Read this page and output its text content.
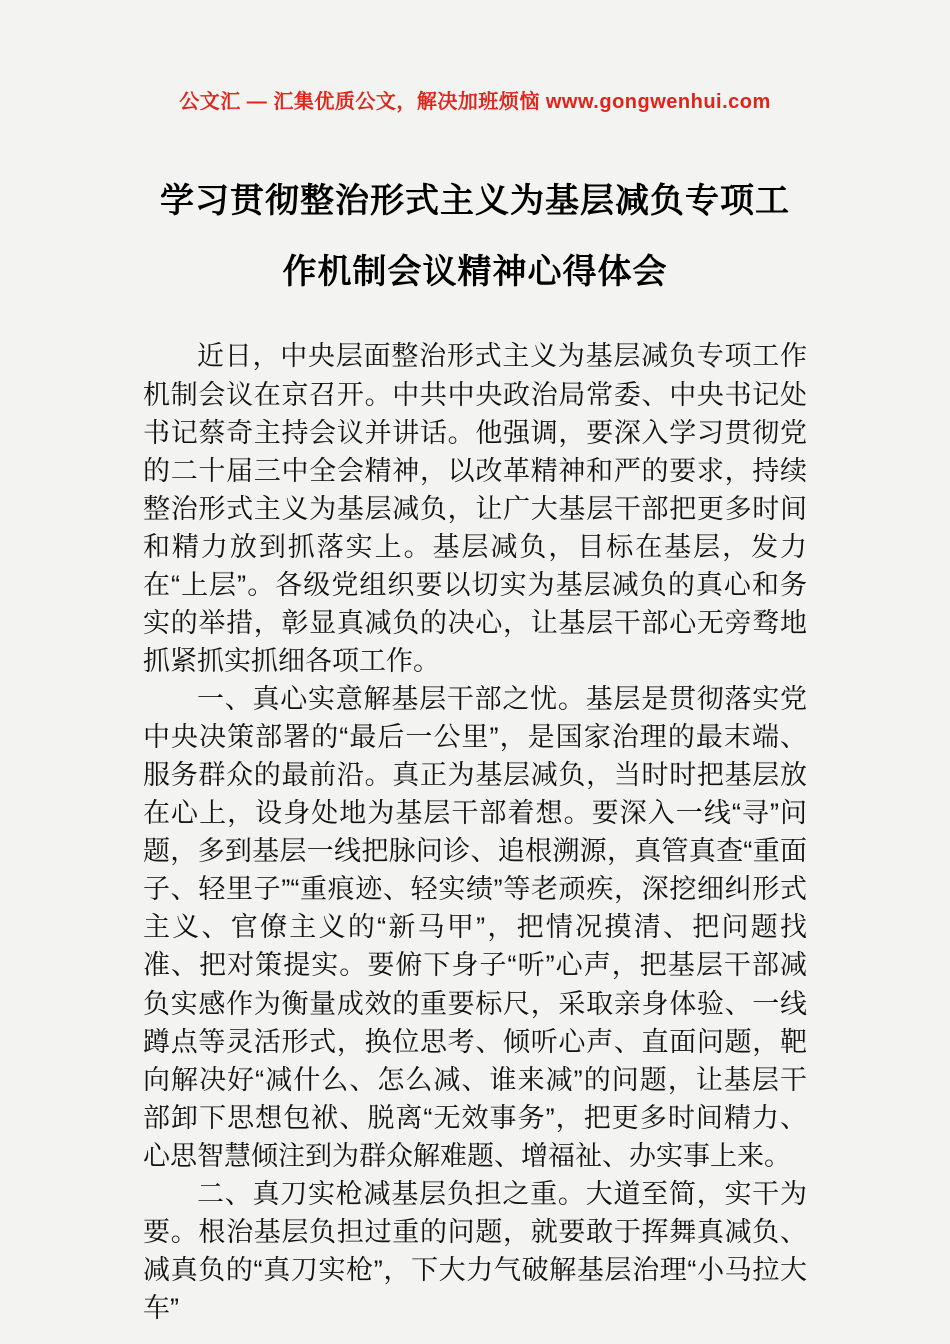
公文汇 — 汇集优质公文，解决加班烦恼 www.gongwenhui.com
学习贯彻整治形式主义为基层减负专项工作机制会议精神心得体会

近日，中央层面整治形式主义为基层减负专项工作机制会议在京召开。中共中央政治局常委、中央书记处书记蔡奇主持会议并讲话。他强调，要深入学习贯彻党的二十届三中全会精神，以改革精神和严的要求，持续整治形式主义为基层减负，让广大基层干部把更多时间和精力放到抓落实上。基层减负，目标在基层，发力在“上层”。各级党组织要以切实为基层减负的真心和务实的举措，彰显真减负的决心，让基层干部心无旁骛地抓紧抓实抓细各项工作。

一、真心实意解基层干部之忧。基层是贯彻落实党中央决策部署的“最后一公里”，是国家治理的最末端、服务群众的最前沿。真正为基层减负，当时时把基层放在心上，设身处地为基层干部着想。要深入一线“寻”问题，多到基层一线把脉问诊、追根溯源，真管真查“重面子、轻里子”“重痕迹、轻实绩”等老顽疾，深挖细纠形式主义、官僚主义的“新马甲”，把情况摸清、把问题找准、把对策提实。要俯下身子“听”心声，把基层干部减负实感作为衡量成效的重要标尺，采取亲身体验、一线蹲点等灵活形式，换位思考、倾听心声、直面问题，靶向解决好“减什么、怎么减、谁来减”的问题，让基层干部卸下思想包袱、脱离“无效事务”，把更多时间精力、心思智慧倾注到为群众解难题、增福祉、办实事上来。

二、真刀实枪减基层负担之重。大道至简，实干为要。根治基层负担过重的问题，就要敢于挥舞真减负、减真负的“真刀实枪”，下大力气破解基层治理“小马拉大车”
